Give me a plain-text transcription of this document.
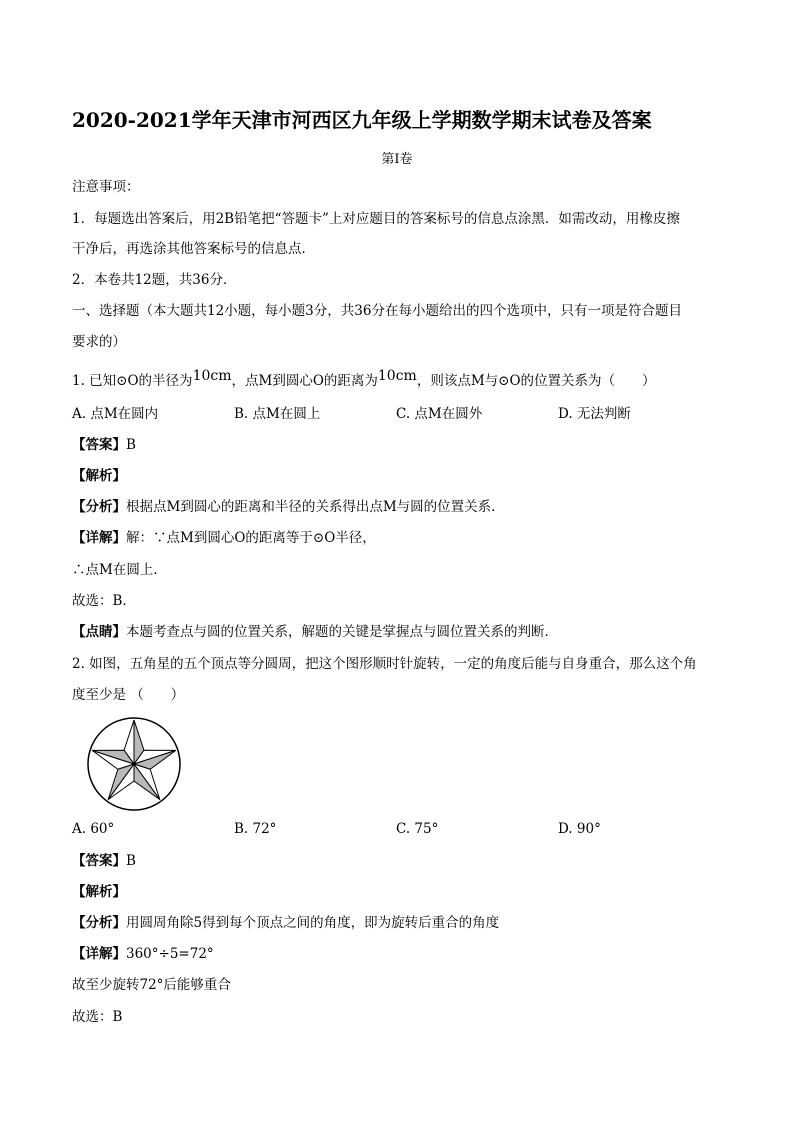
2020-2021学年天津市河西区九年级上学期数学期末试卷及答案
第Ⅰ卷
注意事项：
1．每题选出答案后，用2B铅笔把“答题卡”上对应题目的答案标号的信息点涂黑．如需改动，用橡皮擦
干净后，再选涂其他答案标号的信息点．
2．本卷共12题，共36分．
一、选择题（本大题共12小题，每小题3分，共36分在每小题给出的四个选项中，只有一项是符合题目
要求的）
1. 已知⊙O的半径为10cm，点M到圆心O的距离为10cm，则该点M与⊙O的位置关系为（　　）
A. 点M在圆内	B. 点M在圆上	C. 点M在圆外	D. 无法判断
【答案】B
【解析】
【分析】根据点M到圆心的距离和半径的关系得出点M与圆的位置关系．
【详解】解：∵点M到圆心O的距离等于⊙O半径，
∴点M在圆上．
故选：B．
【点睛】本题考查点与圆的位置关系，解题的关键是掌握点与圆位置关系的判断．
2. 如图，五角星的五个顶点等分圆周，把这个图形顺时针旋转，一定的角度后能与自身重合，那么这个角
度至少是 （　　）
A. 60°	B. 72°	C. 75°	D. 90°
【答案】B
【解析】
【分析】用圆周角除5得到每个顶点之间的角度，即为旋转后重合的角度
【详解】360°÷5=72°
故至少旋转72°后能够重合
故选：B
